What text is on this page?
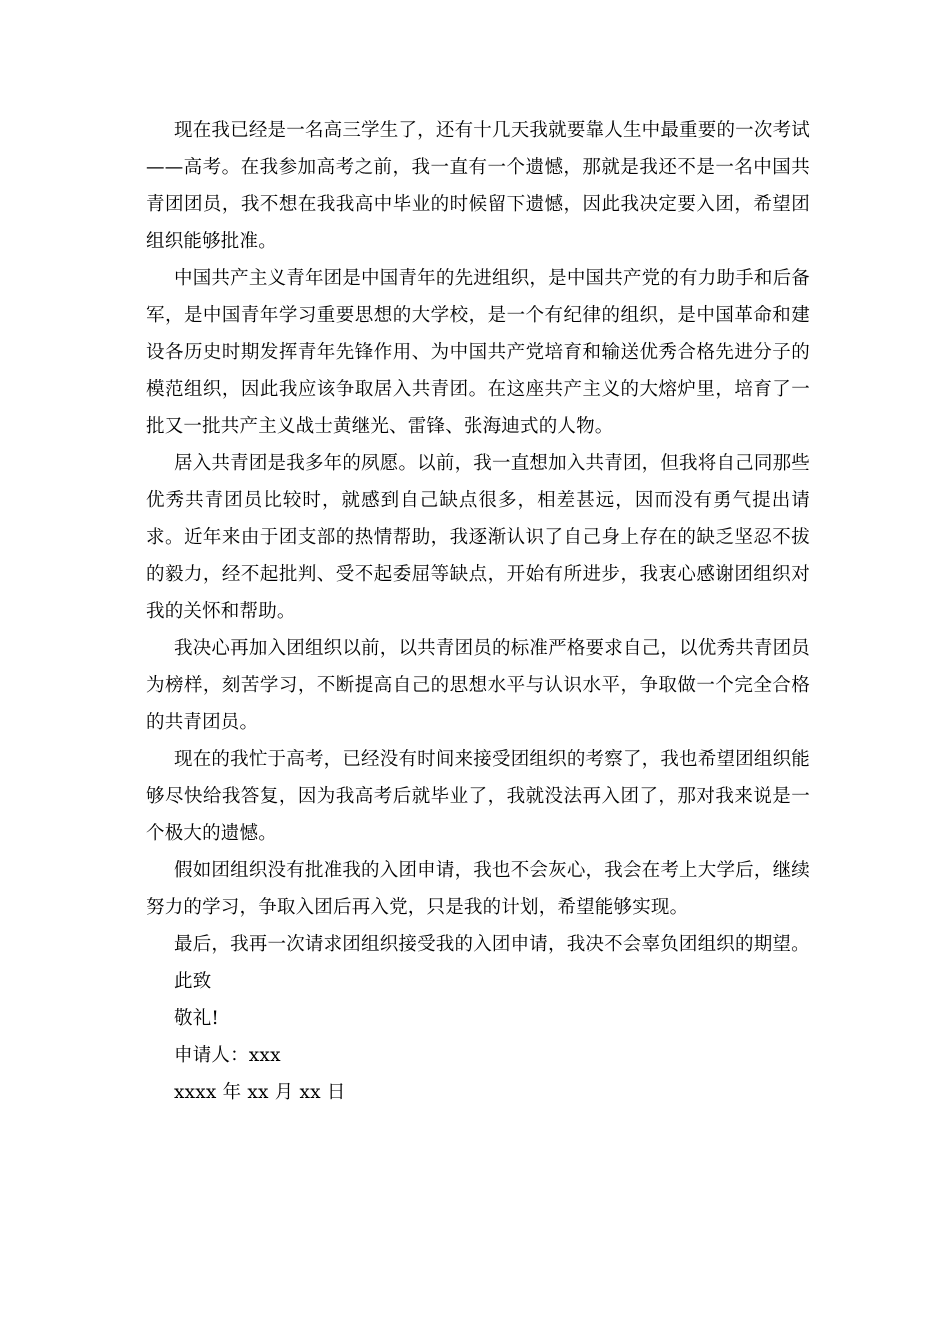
现在我已经是一名高三学生了，还有十几天我就要靠人生中最重要的一次考试——高考。在我参加高考之前，我一直有一个遗憾，那就是我还不是一名中国共青团团员，我不想在我我高中毕业的时候留下遗憾，因此我决定要入团，希望团组织能够批准。

中国共产主义青年团是中国青年的先进组织，是中国共产党的有力助手和后备军，是中国青年学习重要思想的大学校，是一个有纪律的组织，是中国革命和建设各历史时期发挥青年先锋作用、为中国共产党培育和输送优秀合格先进分子的模范组织，因此我应该争取居入共青团。在这座共产主义的大熔炉里，培育了一批又一批共产主义战士黄继光、雷锋、张海迪式的人物。

居入共青团是我多年的夙愿。以前，我一直想加入共青团，但我将自己同那些优秀共青团员比较时，就感到自己缺点很多，相差甚远，因而没有勇气提出请求。近年来由于团支部的热情帮助，我逐渐认识了自己身上存在的缺乏坚忍不拔的毅力，经不起批判、受不起委屈等缺点，开始有所进步，我衷心感谢团组织对我的关怀和帮助。

我决心再加入团组织以前，以共青团员的标准严格要求自己，以优秀共青团员为榜样，刻苦学习，不断提高自己的思想水平与认识水平，争取做一个完全合格的共青团员。

现在的我忙于高考，已经没有时间来接受团组织的考察了，我也希望团组织能够尽快给我答复，因为我高考后就毕业了，我就没法再入团了，那对我来说是一个极大的遗憾。

假如团组织没有批准我的入团申请，我也不会灰心，我会在考上大学后，继续努力的学习，争取入团后再入党，只是我的计划，希望能够实现。

最后，我再一次请求团组织接受我的入团申请，我决不会辜负团组织的期望。

此致

敬礼!

申请人：xxx

xxxx 年 xx 月 xx 日
